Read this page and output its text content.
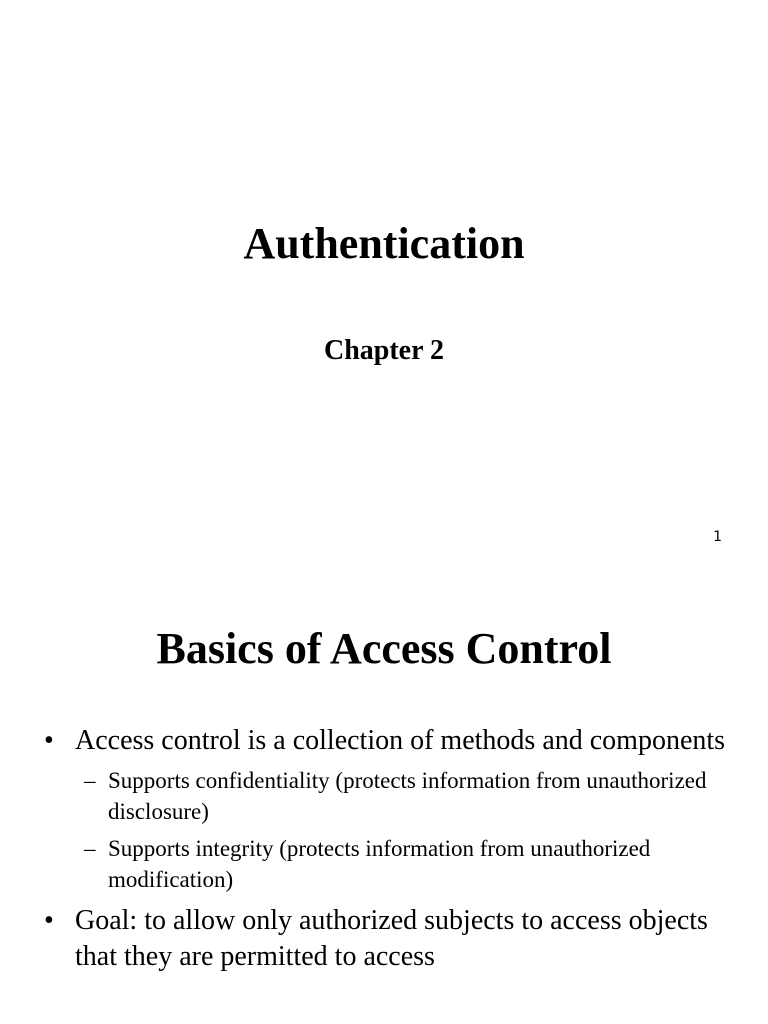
Authentication
Chapter 2
1
Basics of Access Control
• Access control is a collection of methods and components
– Supports confidentiality (protects information from unauthorized disclosure)
– Supports integrity (protects information from unauthorized modification)
• Goal: to allow only authorized subjects to access objects that they are permitted to access
